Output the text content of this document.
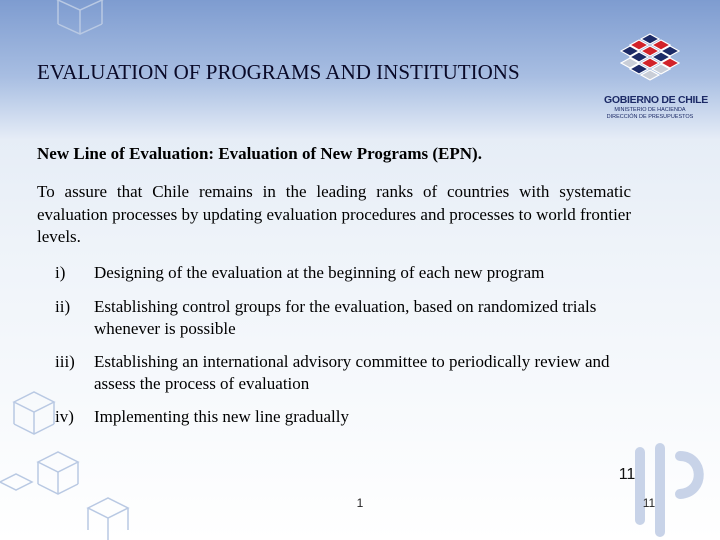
EVALUATION OF PROGRAMS AND INSTITUTIONS
GOBIERNO DE CHILE
MINISTERIO DE HACIENDA
DIRECCIÓN DE PRESUPUESTOS
New Line of Evaluation: Evaluation of New Programs (EPN).
To assure that Chile remains in the leading ranks of countries with systematic evaluation processes by updating evaluation procedures and processes to world frontier levels.
i) Designing of the evaluation at the beginning of each new program
ii) Establishing control groups for the evaluation, based on randomized trials whenever is possible
iii) Establishing an international advisory committee to periodically review and assess the process of evaluation
iv) Implementing this new line gradually
11
1	11
